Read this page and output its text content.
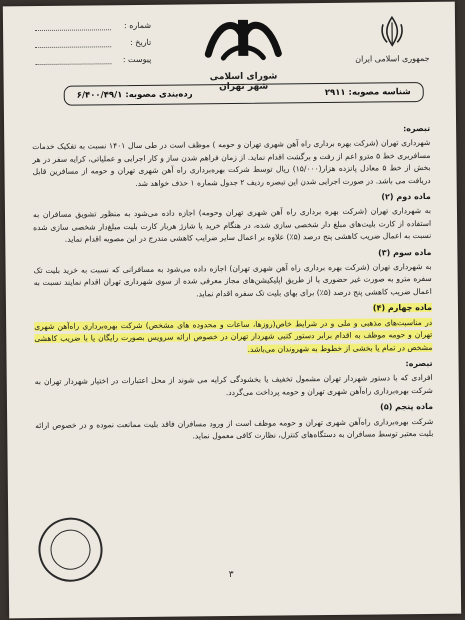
جمهوری اسلامی ایران
شورای اسلامی شهر تهران
شماره :
تاریخ :
پیوست :
شناسه مصوبه: ۲۹۱۱
رده‌بندی مصوبه: ۶/۴۰۰/۴۹/۱
تبصره:

شهرداری تهران (شرکت بهره برداری راه آهن شهری تهران و حومه ) موظف است در طی سال ۱۴۰۱ نسبت به تفکیک خدمات مسافربری خط ۵ مترو اعم از رفت و برگشت اقدام نماید. از زمان فراهم شدن ساز و کار اجرایی و عملیاتی، کرایه سفر در هر بخش از خط ۵ معادل پانزده هزار(۱۵/۰۰۰) ریال توسط شرکت بهره‌برداری راه آهن شهری تهران و حومه از مسافرین قابل دریافت می باشد. در صورت اجرایی شدن این تبصره ردیف ۲ جدول شماره ۱ حذف خواهد شد.

ماده دوم (۲)

به شهرداری تهران (شرکت بهره برداری راه آهن شهری تهران وحومه) اجازه داده می‌شود به منظور تشویق مسافران به استفاده از کارت بلیت‌های مبلغ دار شخصی سازی شده، در هنگام خرید یا شارژ هربار کارت بلیت مبلغ‌دار شخصی سازی شده نسبت به اعمال ضریب کاهشی پنج درصد (۵٪) علاوه بر اعمال سایر ضرایب کاهشی مندرج در این مصوبه اقدام نماید.

ماده سوم (۳)

به شهرداری تهران (شرکت بهره برداری راه آهن شهری تهران) اجازه داده می‌شود به مسافرانی که نسبت به خرید بلیت تک سفره مترو به صورت غیر حضوری یا از طریق اپلیکیشن‌های مجاز معرفی شده از سوی شهرداری تهران اقدام نمایند نسبت به اعمال ضریب کاهشی پنج درصد (۵٪) برای بهای بلیت تک سفره اقدام نماید.

ماده چهارم (۴)

در مناسبت‌های مذهبی و ملی و در شرایط خاص(روزها، ساعات و محدوده های مشخص) شرکت بهره‌برداری راه‌آهن شهری تهران و حومه موظف به اقدام برابر دستور کتبی شهردار تهران در خصوص ارائه سرویس بصورت رایگان یا با ضریب کاهشی مشخص در تمام یا بخشی از خطوط به شهروندان می‌باشد.

تبصره:

افرادی که با دستور شهردار تهران مشمول تخفیف یا بخشودگی کرایه می شوند از محل اعتبارات در اختیار شهردار تهران به شرکت بهره‌برداری راه‌آهن شهری تهران و حومه پرداخت می‌گردد.

ماده پنجم (۵)

شرکت بهره‌برداری راه‌آهن شهری تهران و حومه موظف است از ورود مسافران فاقد بلیت ممانعت نموده و در خصوص ارائه بلیت معتبر توسط مسافران به دستگاه‌های کنترل، نظارت کافی معمول نماید.

۳
